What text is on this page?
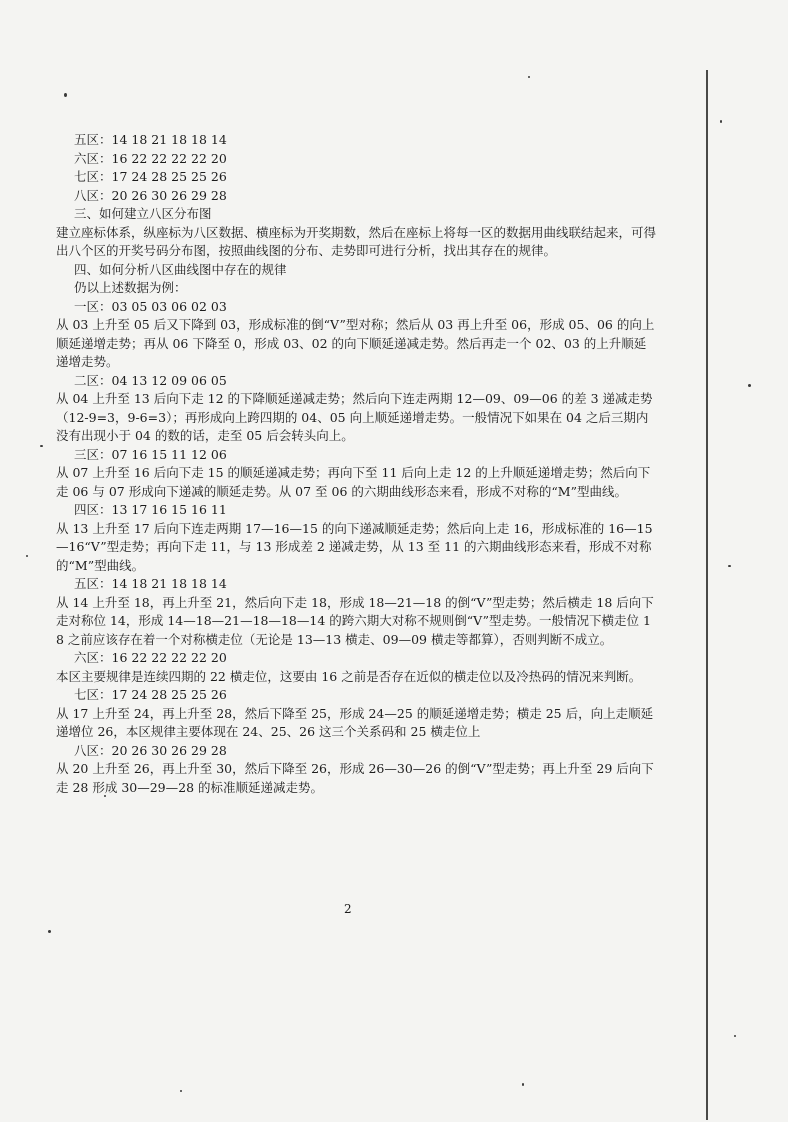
五区：14 18 21 18 18 14
六区：16 22 22 22 22 20
七区：17 24 28 25 25 26
八区：20 26 30 26 29 28
三、如何建立八区分布图
建立座标体系，纵座标为八区数据、横座标为开奖期数，然后在座标上将每一区的数据用曲线联结起来，可得出八个区的开奖号码分布图，按照曲线图的分布、走势即可进行分析，找出其存在的规律。
四、如何分析八区曲线图中存在的规律
仍以上述数据为例：
一区：03 05 03 06 02 03
从 03 上升至 05 后又下降到 03，形成标准的倒“V”型对称；然后从 03 再上升至 06，形成 05、06 的向上顺延递增走势；再从 06 下降至 0，形成 03、02 的向下顺延递减走势。然后再走一个 02、03 的上升顺延递增走势。
二区：04 13 12 09 06 05
从 04 上升至 13 后向下走 12 的下降顺延递减走势；然后向下连走两期 12—09、09—06 的差 3 递减走势（12-9=3，9-6=3）；再形成向上跨四期的 04、05 向上顺延递增走势。一般情况下如果在 04 之后三期内没有出现小于 04 的数的话，走至 05 后会转头向上。
三区：07 16 15 11 12 06
从 07 上升至 16 后向下走 15 的顺延递减走势；再向下至 11 后向上走 12 的上升顺延递增走势；然后向下走 06 与 07 形成向下递减的顺延走势。从 07 至 06 的六期曲线形态来看，形成不对称的“M”型曲线。
四区：13 17 16 15 16 11
从 13 上升至 17 后向下连走两期 17—16—15 的向下递减顺延走势；然后向上走 16，形成标准的 16—15—16“V”型走势；再向下走 11，与 13 形成差 2 递减走势，从 13 至 11 的六期曲线形态来看，形成不对称的“M”型曲线。
五区：14 18 21 18 18 14
从 14 上升至 18，再上升至 21，然后向下走 18，形成 18—21—18 的倒“V”型走势；然后横走 18 后向下走对称位 14，形成 14—18—21—18—18—14 的跨六期大对称不规则倒“V”型走势。一般情况下横走位 18 之前应该存在着一个对称横走位（无论是 13—13 横走、09—09 横走等都算），否则判断不成立。
六区：16 22 22 22 22 20
本区主要规律是连续四期的 22 横走位，这要由 16 之前是否存在近似的横走位以及冷热码的情况来判断。
七区：17 24 28 25 25 26
从 17 上升至 24，再上升至 28，然后下降至 25，形成 24—25 的顺延递增走势；横走 25 后，向上走顺延递增位 26，本区规律主要体现在 24、25、26 这三个关系码和 25 横走位上
八区：20 26 30 26 29 28
从 20 上升至 26，再上升至 30，然后下降至 26，形成 26—30—26 的倒“V”型走势；再上升至 29 后向下走 28 形成 30—29—28 的标准顺延递减走势。
2
